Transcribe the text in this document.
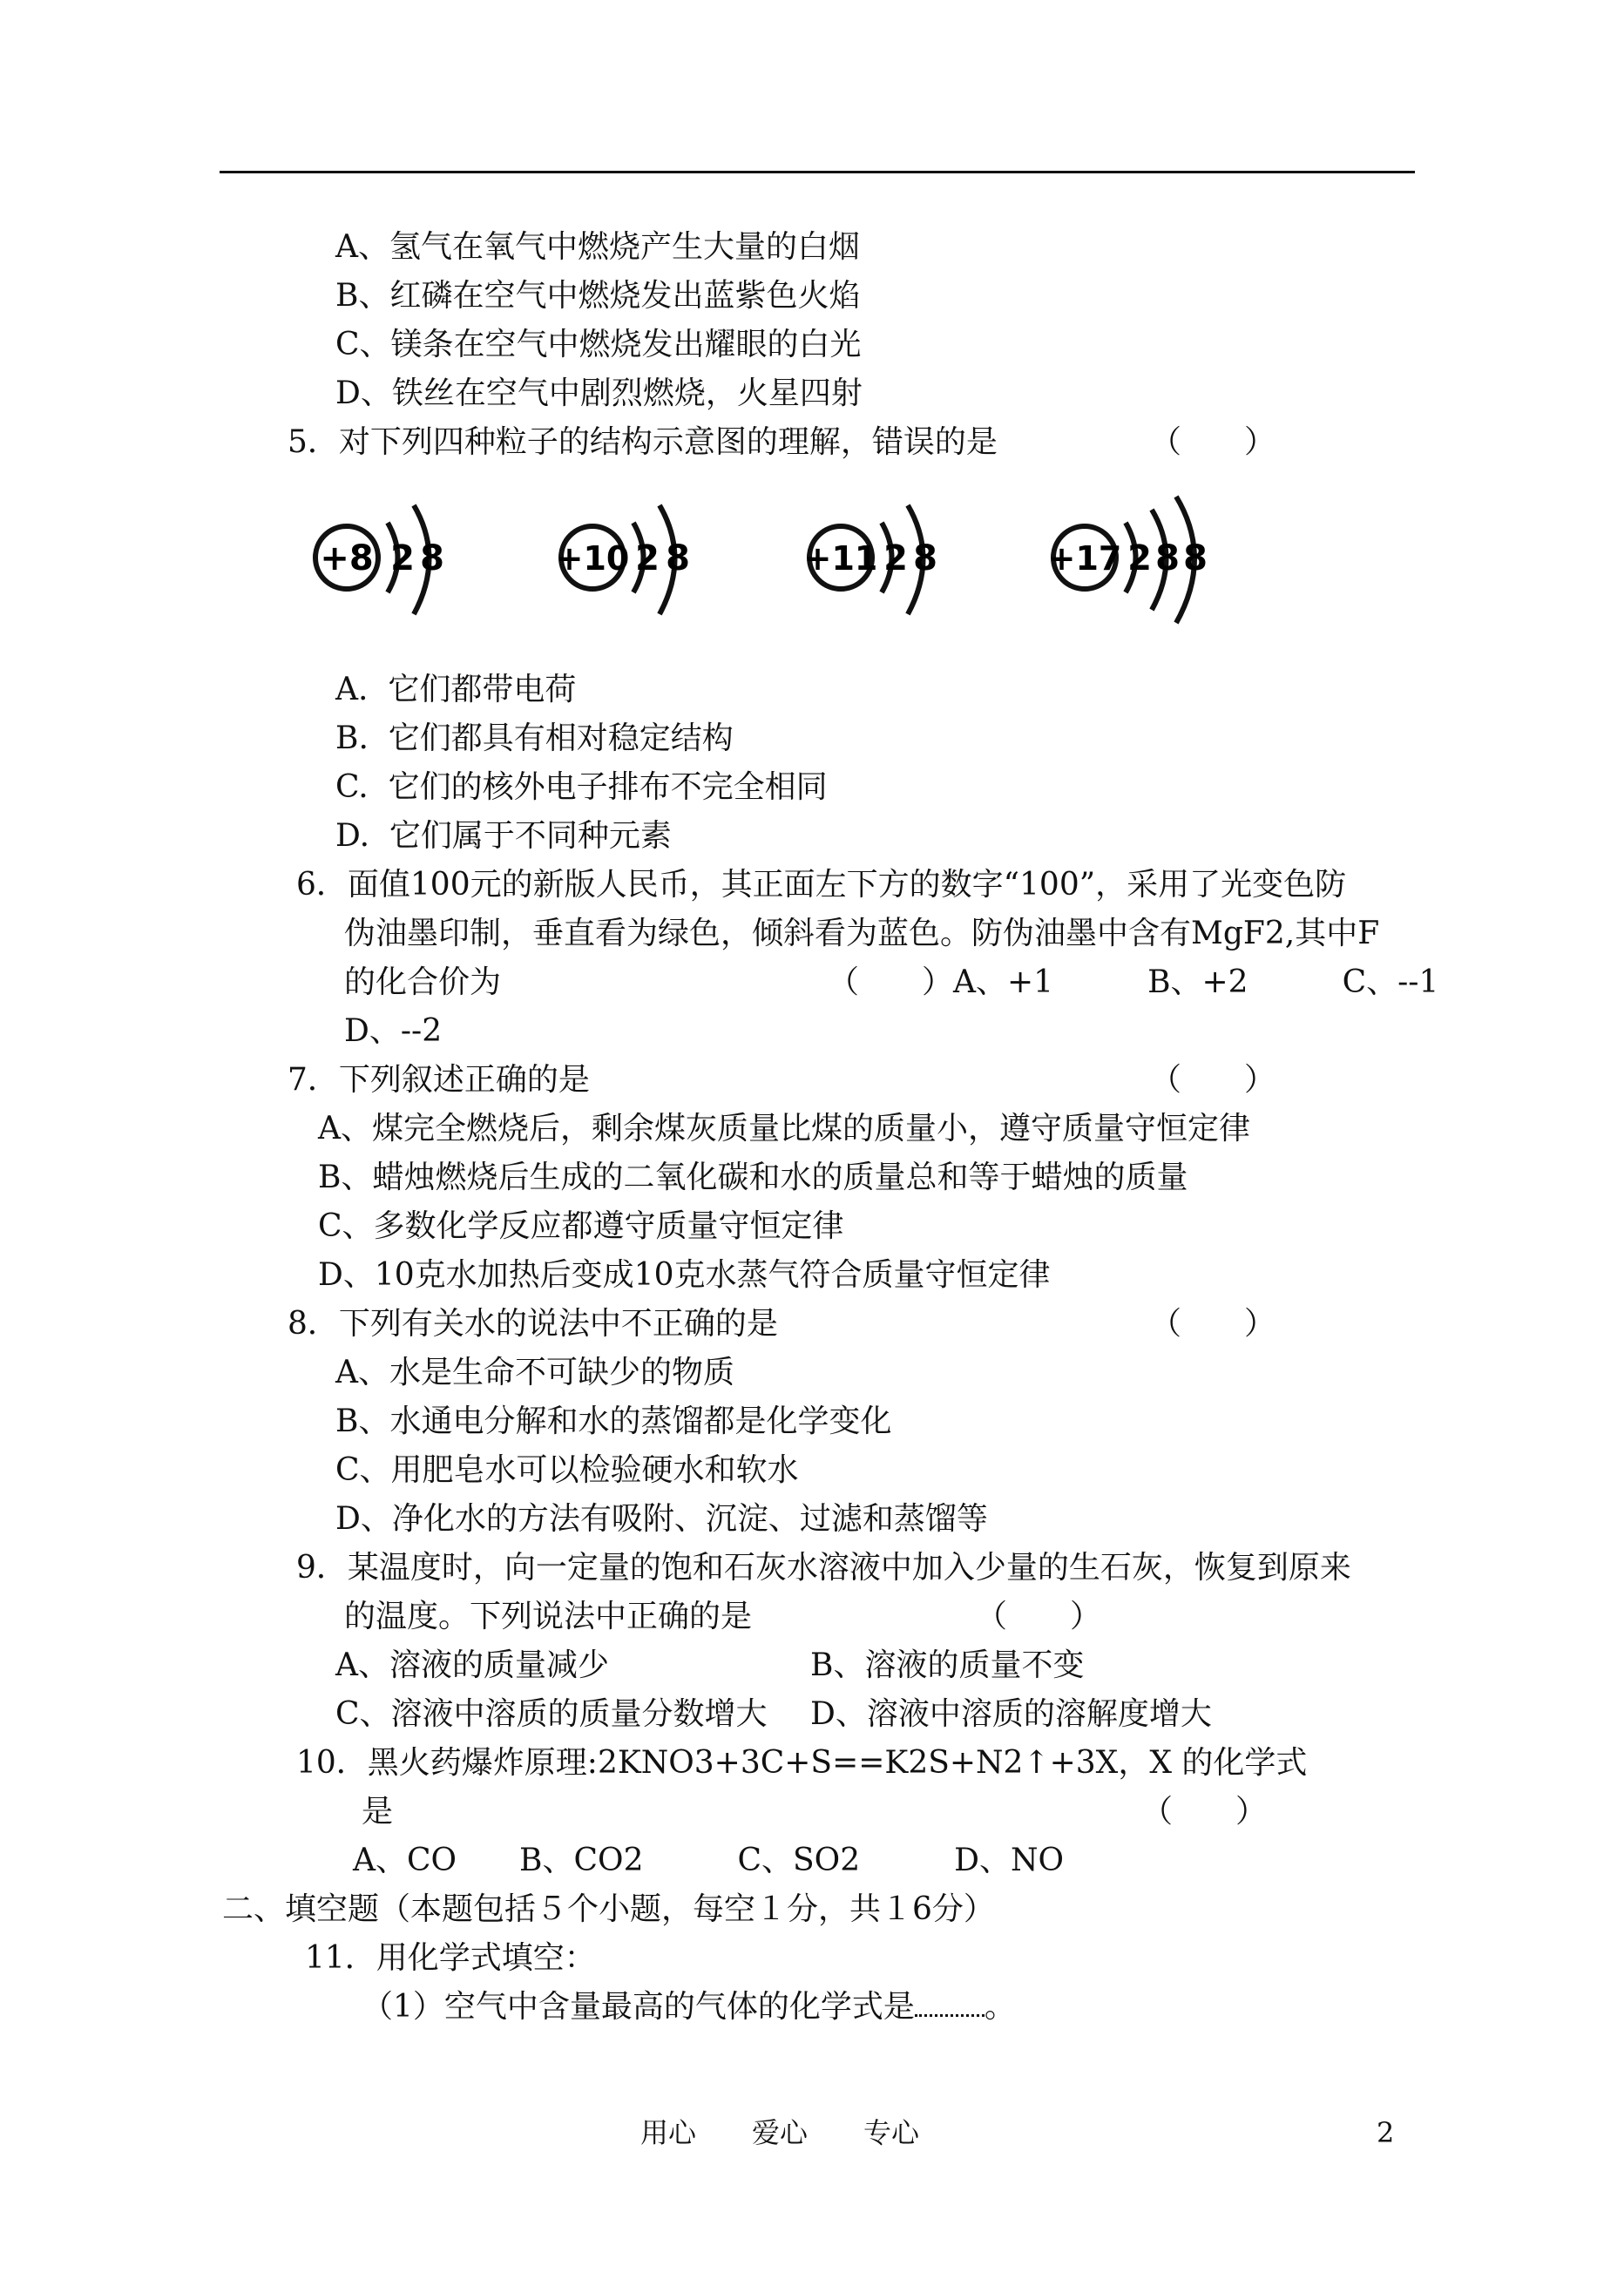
A、氢气在氧气中燃烧产生大量的白烟
B、红磷在空气中燃烧发出蓝紫色火焰
C、镁条在空气中燃烧发出耀眼的白光
D、铁丝在空气中剧烈燃烧，火星四射
5．对下列四种粒子的结构示意图的理解，错误的是	（　　）
+8 2 8	+10 2 8	+11 2 8	+17 2 8 8
A.  它们都带电荷
B.  它们都具有相对稳定结构
C.  它们的核外电子排布不完全相同
D.  它们属于不同种元素
6．面值100元的新版人民币，其正面左下方的数字“100”，采用了光变色防
伪油墨印制，垂直看为绿色，倾斜看为蓝色。防伪油墨中含有MgF2,其中F
的化合价为	（　　）A、+1　　　B、+2　　　C、--1
D、--2
7．下列叙述正确的是	（　　）
A、煤完全燃烧后，剩余煤灰质量比煤的质量小，遵守质量守恒定律
B、蜡烛燃烧后生成的二氧化碳和水的质量总和等于蜡烛的质量
C、多数化学反应都遵守质量守恒定律
D、10克水加热后变成10克水蒸气符合质量守恒定律
8．下列有关水的说法中不正确的是	（　　）
A、水是生命不可缺少的物质
B、水通电分解和水的蒸馏都是化学变化
C、用肥皂水可以检验硬水和软水
D、净化水的方法有吸附、沉淀、过滤和蒸馏等
9．某温度时，向一定量的饱和石灰水溶液中加入少量的生石灰，恢复到原来
的温度。下列说法中正确的是	（　　）
A、溶液的质量减少	B、溶液的质量不变
C、溶液中溶质的质量分数增大 D、溶液中溶质的溶解度增大
10．黑火药爆炸原理:2KNO3+3C+S==K2S+N2↑+3X，X 的化学式
是	（　　）
A、CO　　B、CO2　　　C、SO2　　　D、NO
二、填空题（本题包括５个小题，每空１分，共１6分）
11．用化学式填空：
（1）空气中含量最高的气体的化学式是 。
用心　　爱心　　专心	2
